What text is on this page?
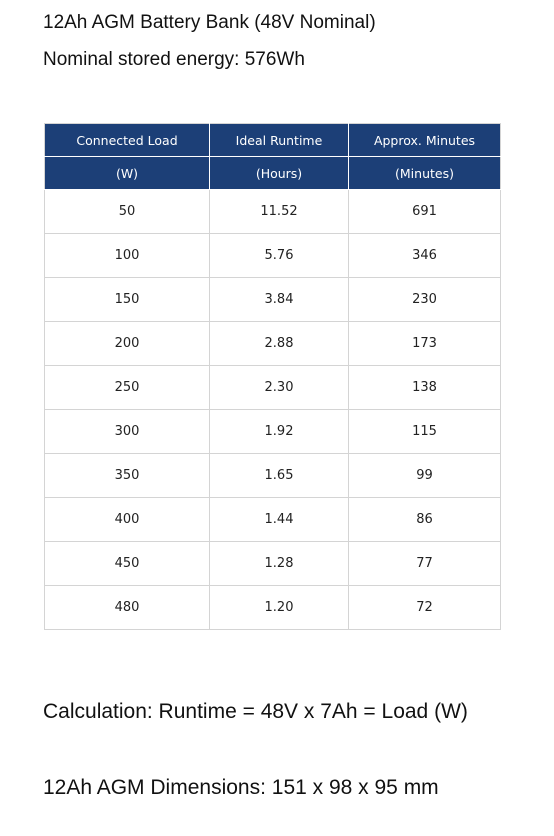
12Ah AGM Battery Bank (48V Nominal)
Nominal stored energy: 576Wh
Connected Load	Ideal Runtime	Approx. Minutes
(W)	(Hours)	(Minutes)
50	11.52	691
100	5.76	346
150	3.84	230
200	2.88	173
250	2.30	138
300	1.92	115
350	1.65	99
400	1.44	86
450	1.28	77
480	1.20	72
Calculation: Runtime = 48V x 7Ah = Load (W)
12Ah AGM Dimensions: 151 x 98 x 95 mm
